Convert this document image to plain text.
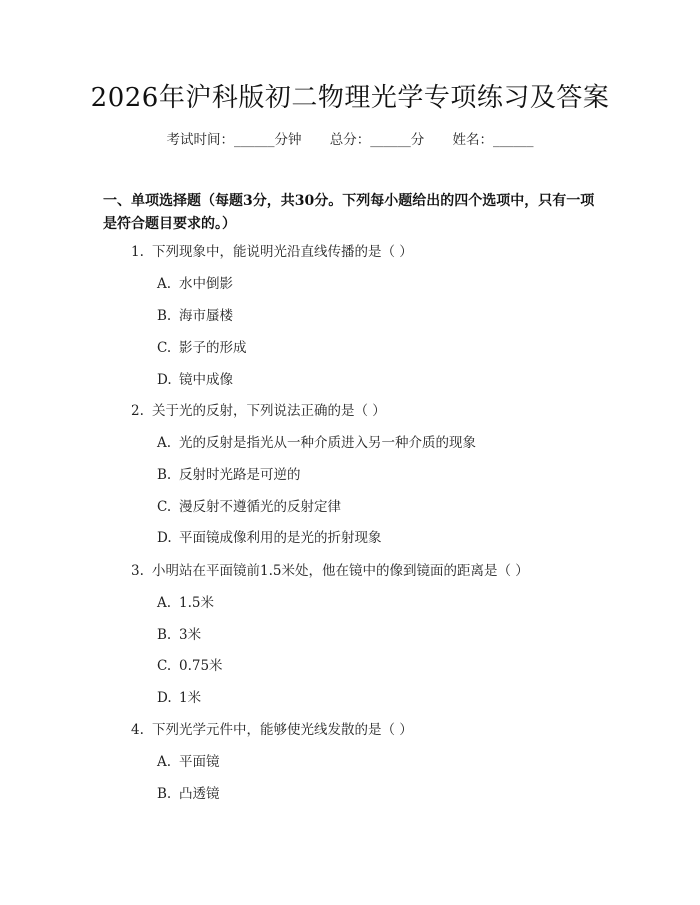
2026年沪科版初二物理光学专项练习及答案
考试时间：______分钟 总分：______分 姓名：______
一、单项选择题（每题3分，共30分。下列每小题给出的四个选项中，只有一项是符合题目要求的。）
1. 下列现象中，能说明光沿直线传播的是（ ）
A. 水中倒影
B. 海市蜃楼
C. 影子的形成
D. 镜中成像
2. 关于光的反射，下列说法正确的是（ ）
A. 光的反射是指光从一种介质进入另一种介质的现象
B. 反射时光路是可逆的
C. 漫反射不遵循光的反射定律
D. 平面镜成像利用的是光的折射现象
3. 小明站在平面镜前1.5米处，他在镜中的像到镜面的距离是（ ）
A. 1.5米
B. 3米
C. 0.75米
D. 1米
4. 下列光学元件中，能够使光线发散的是（ ）
A. 平面镜
B. 凸透镜
